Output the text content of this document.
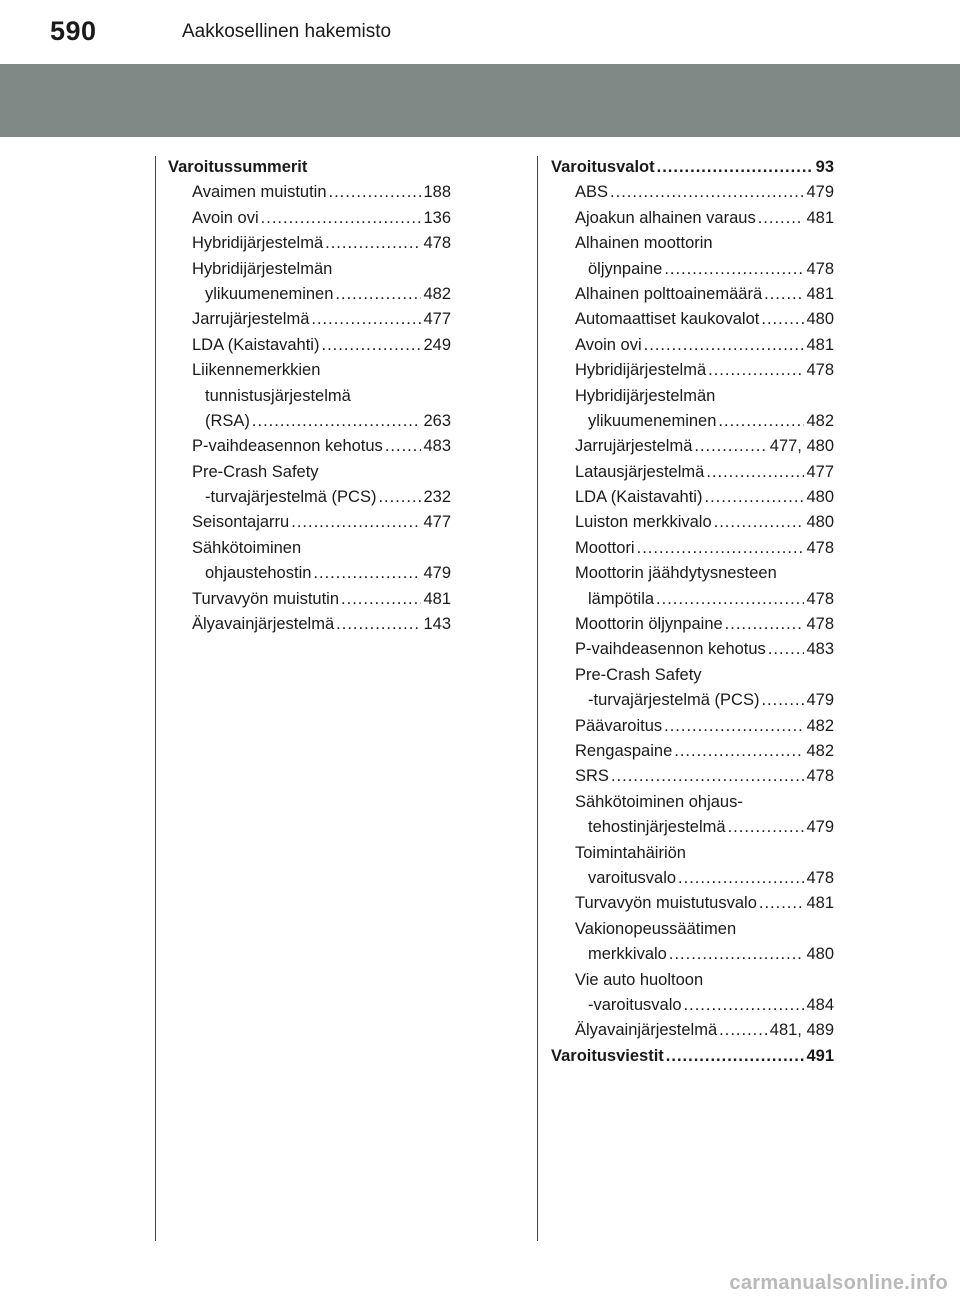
590	Aakkosellinen hakemisto
Varoitussummerit
Avaimen muistutin .....	188
Avoin ovi .....	136
Hybridijärjestelmä .....	478
Hybridijärjestelmän
ylikuumeneminen .....	482
Jarrujärjestelmä .....	477
LDA (Kaistavahti) .....	249
Liikennemerkkien
tunnistusjärjestelmä
(RSA) .....	263
P-vaihdeasennon kehotus ..... 483
Pre-Crash Safety
-turvajärjestelmä (PCS) .....	232
Seisontajarru .....	477
Sähkötoiminen
ohjaustehostin .....	479
Turvavyön muistutin .....	481
Älyavainjärjestelmä .....	143
Varoitusvalot .....	93
ABS .....	479
Ajoakun alhainen varaus .....	481
Alhainen moottorin
öljynpaine .....	478
Alhainen polttoainemäärä .....	481
Automaattiset kaukovalot .....	480
Avoin ovi .....	481
Hybridijärjestelmä .....	478
Hybridijärjestelmän
ylikuumeneminen .....	482
Jarrujärjestelmä .....	477, 480
Latausjärjestelmä .....	477
LDA (Kaistavahti) .....	480
Luiston merkkivalo .....	480
Moottori .....	478
Moottorin jäähdytysnesteen
lämpötila .....	478
Moottorin öljynpaine .....	478
P-vaihdeasennon kehotus ..... 483
Pre-Crash Safety
-turvajärjestelmä (PCS) .....	479
Päävaroitus .....	482
Rengaspaine .....	482
SRS .....	478
Sähkötoiminen ohjaus-
tehostinjärjestelmä .....	479
Toimintahäiriön
varoitusvalo .....	478
Turvavyön muistutusvalo .....	481
Vakionopeussäätimen
merkkivalo .....	480
Vie auto huoltoon
-varoitusvalo .....	484
Älyavainjärjestelmä .....	481, 489
Varoitusviestit .....	491
carmanualsonline.info
